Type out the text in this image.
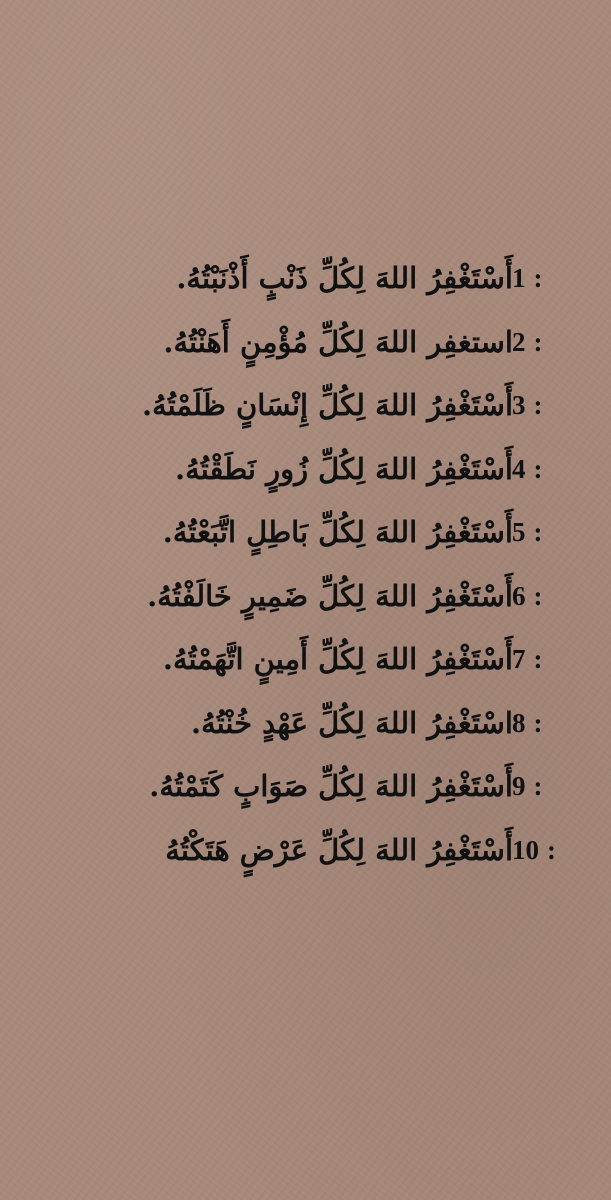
أَسْتَغْفِرُ اللهَ لِكُلِّ ذَنْبٍ أَذْنَبْتُهُ. 1 :
استغفِر اللهَ لِكُلِّ مُؤْمِنٍ أَهَنْتُهُ. 2 :
أَسْتَغْفِرُ اللهَ لِكُلِّ إِنْسَانٍ ظَلَمْتُهُ. 3 :
أَسْتَغْفِرُ اللهَ لِكُلِّ زُورٍ نَطَقْتُهُ. 4 :
أَسْتَغْفِرُ اللهَ لِكُلِّ بَاطِلٍ اتَّبَعْتُهُ. 5 :
أَسْتَغْفِرُ اللهَ لِكُلِّ ضَمِيرٍ خَالَفْتُهُ. 6 :
أَسْتَغْفِرُ اللهَ لِكُلِّ أَمِينٍ اتَّهَمْتُهُ. 7 :
اسْتَغْفِرُ اللهَ لِكُلِّ عَهْدٍ خُنْتُهُ. 8 :
أَسْتَغْفِرُ اللهَ لِكُلِّ صَوَابٍ كَتَمْتُهُ. 9 :
أَسْتَغْفِرُ اللهَ لِكُلِّ عَرْضٍ هَتَكْتُهُ 10 :
